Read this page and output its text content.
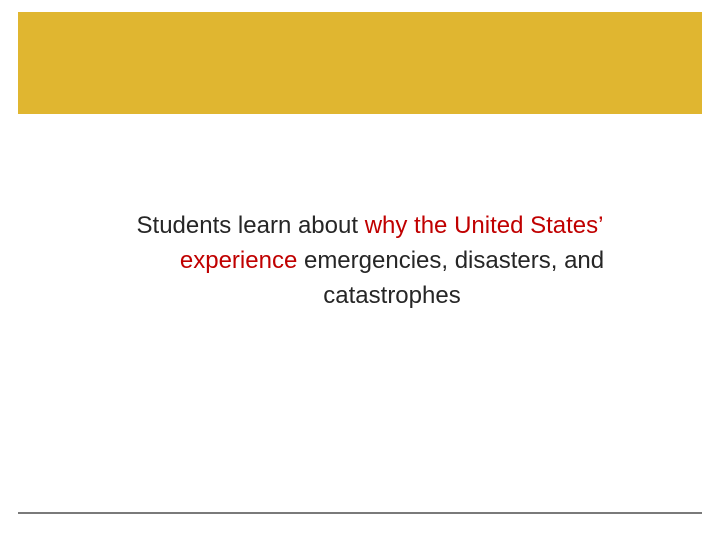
Students learn about why the United States’
experience emergencies, disasters, and
catastrophes
